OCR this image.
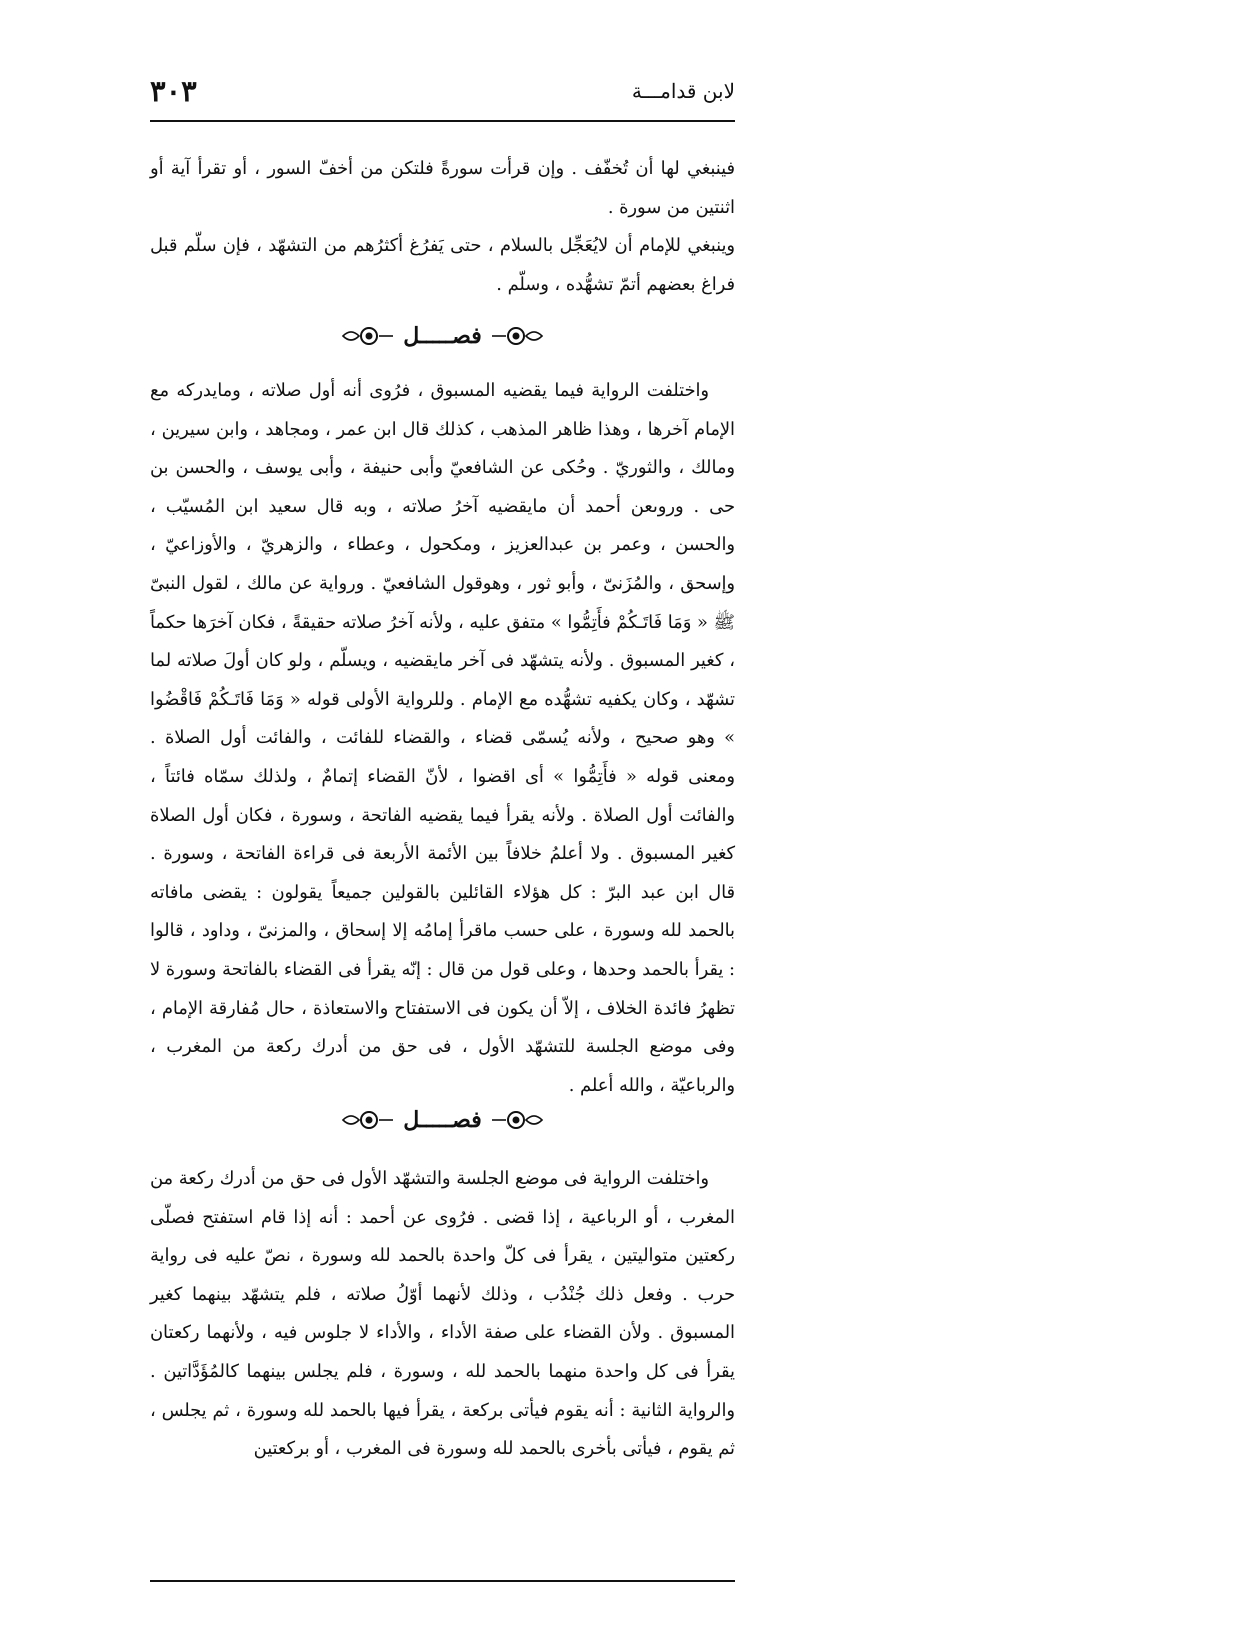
٣٠٣	لابن قدامـــة

فينبغي لها أن تُخفّف . وإن قرأت سورةً فلتكن من أخفّ السور ، أو تقرأ آية أو اثنتين من سورة .

وينبغي للإمام أن لايُعَجِّل بالسلام ، حتى يَفرُغ أكثرُهم من التشهّد ، فإن سلّم قبل فراغ بعضهم أتمّ تشهُّده ، وسلّم .

فصـــــل

واختلفت الرواية فيما يقضيه المسبوق ، فرُوى أنه أول صلاته ، ومايدركه مع الإمام آخرها ، وهذا ظاهر المذهب ، كذلك قال ابن عمر ، ومجاهد ، وابن سيرين ، ومالك ، والثوريّ . وحُكى عن الشافعيّ وأبى حنيفة ، وأبى يوسف ، والحسن بن حى . وروىعن أحمد أن مايقضيه آخرُ صلاته ، وبه قال سعيد ابن المُسيّب ، والحسن ، وعمر بن عبدالعزيز ، ومكحول ، وعطاء ، والزهريّ ، والأوزاعيّ ، وإسحق ، والمُزَنىّ ، وأبو ثور ، وهوقول الشافعيّ . ورواية عن مالك ، لقول النبىّ ﷺ « وَمَا فَاتَـكُمْ فأَتِمُّوا » متفق عليه ، ولأنه آخرُ صلاته حقيقةً ، فكان آخرَها حكماً ، كغير المسبوق . ولأنه يتشهّد فى آخر مايقضيه ، ويسلّم ، ولو كان أولَ صلاته لما تشهّد ، وكان يكفيه تشهُّده مع الإمام . وللرواية الأولى قوله « وَمَا فَاتَـكُمْ فَاقْضُوا » وهو صحيح ، ولأنه يُسمّى قضاء ، والقضاء للفائت ، والفائت أول الصلاة . ومعنى قوله « فأَتِمُّوا » أى اقضوا ، لأنّ القضاء إتمامٌ ، ولذلك سمّاه فائتاً ، والفائت أول الصلاة . ولأنه يقرأ فيما يقضيه الفاتحة ، وسورة ، فكان أول الصلاة كغير المسبوق . ولا أعلمُ خلافاً بين الأئمة الأربعة فى قراءة الفاتحة ، وسورة . قال ابن عبد البرّ : كل هؤلاء القائلين بالقولين جميعاً يقولون : يقضى مافاته بالحمد لله وسورة ، على حسب ماقرأ إمامُه إلا إسحاق ، والمزنىّ ، وداود ، قالوا : يقرأ بالحمد وحدها ، وعلى قول من قال : إنّه يقرأ فى القضاء بالفاتحة وسورة لا تظهرُ فائدة الخلاف ، إلاّ أن يكون فى الاستفتاح والاستعاذة ، حال مُفارقة الإمام ، وفى موضع الجلسة للتشهّد الأول ، فى حق من أدرك ركعة من المغرب ، والرباعيّة ، والله أعلم .

فصـــــل

واختلفت الرواية فى موضع الجلسة والتشهّد الأول فى حق من أدرك ركعة من المغرب ، أو الرباعية ، إذا قضى . فرُوى عن أحمد : أنه إذا قام استفتح فصلّى ركعتين متواليتين ، يقرأ فى كلّ واحدة بالحمد لله وسورة ، نصّ عليه فى رواية حرب . وفعل ذلك جُنْدُب ، وذلك لأنهما أوّلُ صلاته ، فلم يتشهّد بينهما كغير المسبوق . ولأن القضاء على صفة الأداء ، والأداء لا جلوس فيه ، ولأنهما ركعتان يقرأ فى كل واحدة منهما بالحمد لله ، وسورة ، فلم يجلس بينهما كالمُؤَدَّاتين . والرواية الثانية : أنه يقوم فيأتى بركعة ، يقرأ فيها بالحمد لله وسورة ، ثم يجلس ، ثم يقوم ، فيأتى بأخرى بالحمد لله وسورة فى المغرب ، أو بركعتين
